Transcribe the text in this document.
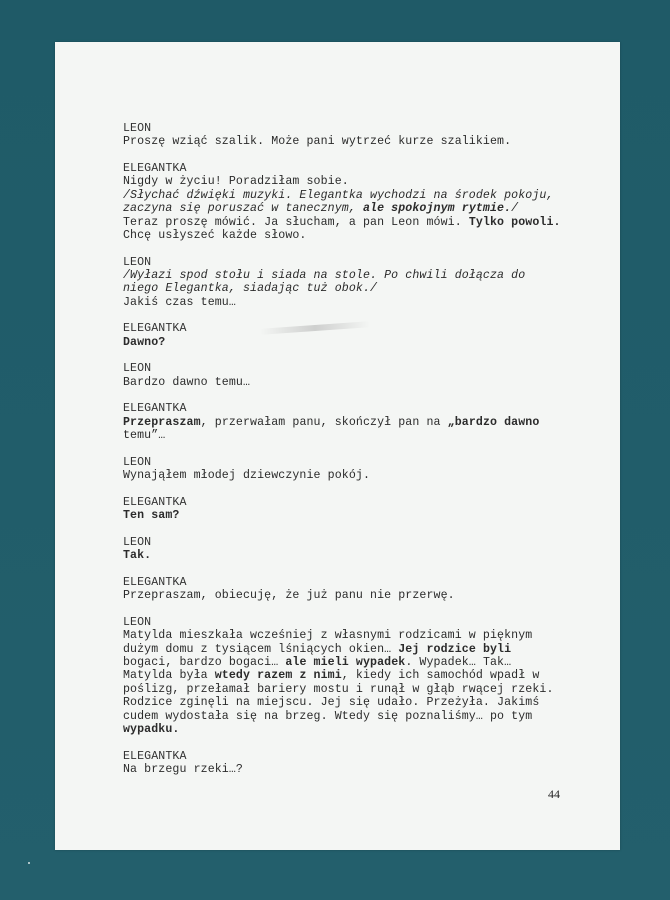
LEON
Proszę wziąć szalik. Może pani wytrzeć kurze szalikiem.
ELEGANTKA
Nigdy w życiu! Poradziłam sobie.
/Słychać dźwięki muzyki. Elegantka wychodzi na środek pokoju,
zaczyna się poruszać w tanecznym, ale spokojnym rytmie./
Teraz proszę mówić. Ja słucham, a pan Leon mówi. Tylko powoli.
Chcę usłyszeć każde słowo.
LEON
/Wyłazi spod stołu i siada na stole. Po chwili dołącza do
niego Elegantka, siadając tuż obok./
Jakiś czas temu…
ELEGANTKA
Dawno?
LEON
Bardzo dawno temu…
ELEGANTKA
Przepraszam, przerwałam panu, skończył pan na „bardzo dawno
temu”…
LEON
Wynająłem młodej dziewczynie pokój.
ELEGANTKA
Ten sam?
LEON
Tak.
ELEGANTKA
Przepraszam, obiecuję, że już panu nie przerwę.
LEON
Matylda mieszkała wcześniej z własnymi rodzicami w pięknym
dużym domu z tysiącem lśniących okien… Jej rodzice byli
bogaci, bardzo bogaci… ale mieli wypadek. Wypadek… Tak…
Matylda była wtedy razem z nimi, kiedy ich samochód wpadł w
poślizg, przełamał bariery mostu i runął w głąb rwącej rzeki.
Rodzice zginęli na miejscu. Jej się udało. Przeżyła. Jakimś
cudem wydostała się na brzeg. Wtedy się poznaliśmy… po tym
wypadku.
ELEGANTKA
Na brzegu rzeki…?
44
